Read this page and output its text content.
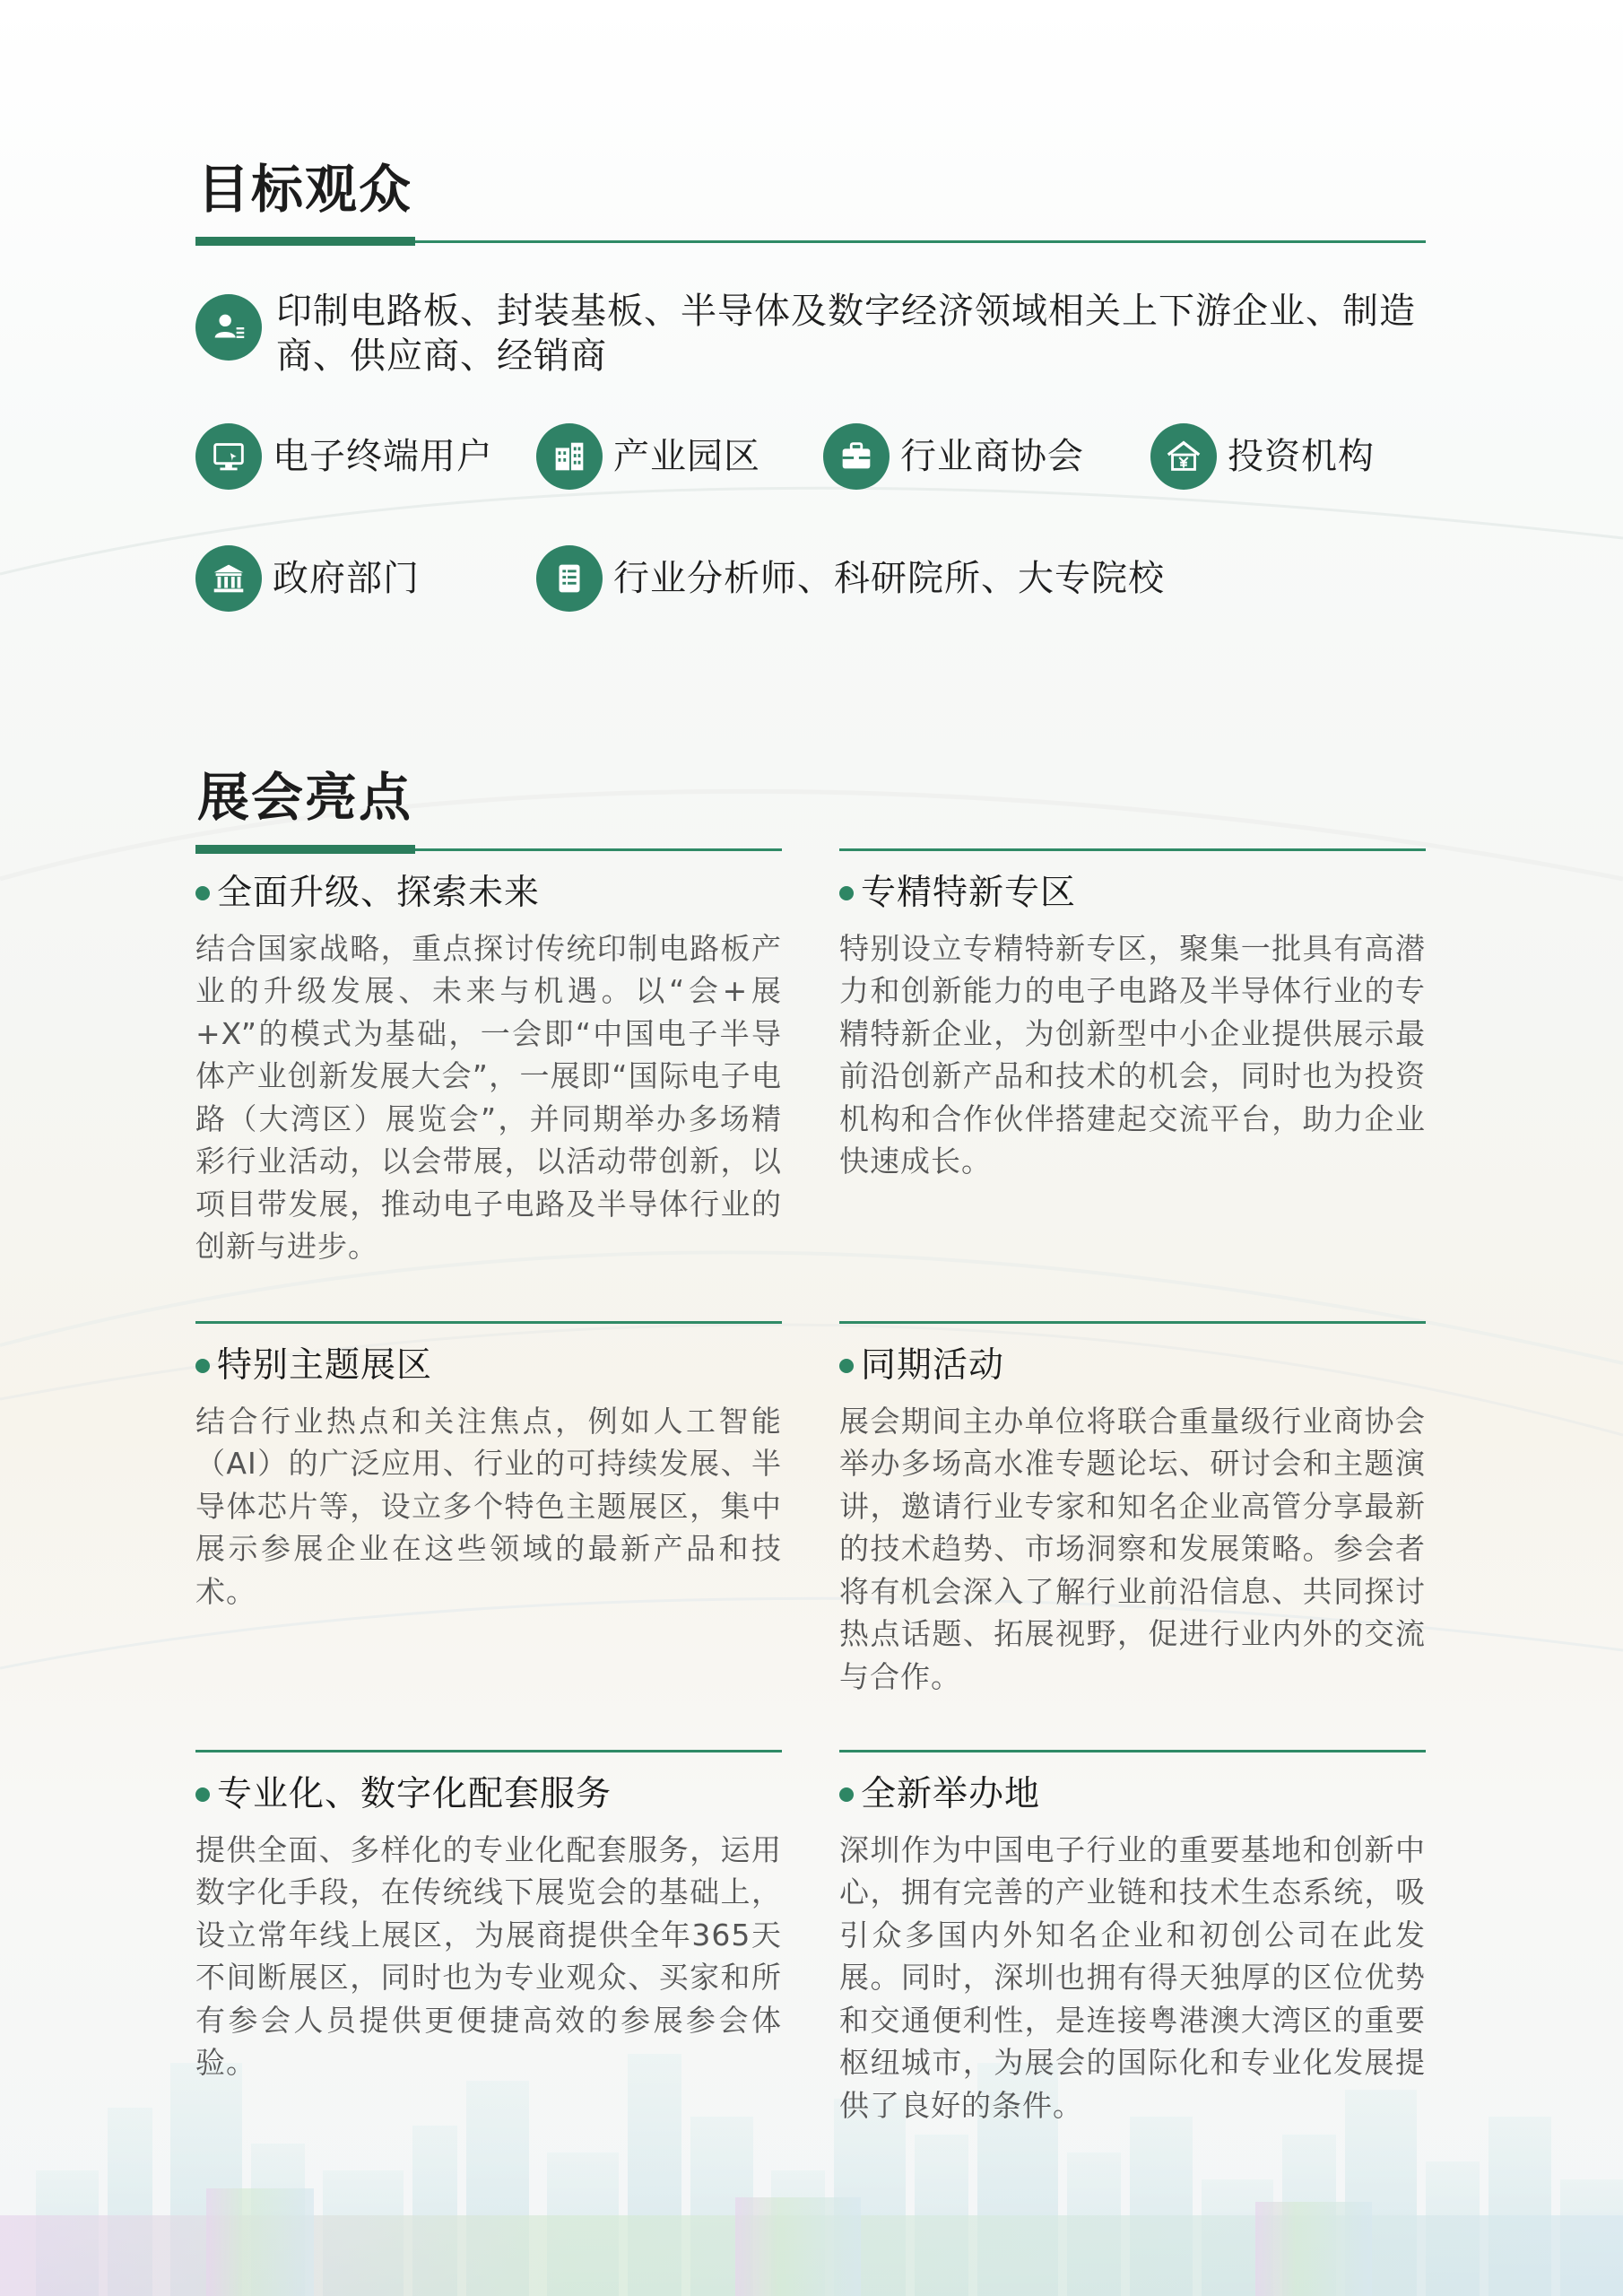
目标观众
印制电路板、封装基板、半导体及数字经济领域相关上下游企业、制造商、供应商、经销商
电子终端用户	产业园区	行业商协会	投资机构
政府部门	行业分析师、科研院所、大专院校
展会亮点
全面升级、探索未来

结合国家战略，重点探讨传统印制电路板产业的升级发展、未来与机遇。以“会+展+X”的模式为基础，一会即“中国电子半导体产业创新发展大会”，一展即“国际电子电路（大湾区）展览会”，并同期举办多场精彩行业活动，以会带展，以活动带创新，以项目带发展，推动电子电路及半导体行业的创新与进步。

专精特新专区

特别设立专精特新专区，聚集一批具有高潜力和创新能力的电子电路及半导体行业的专精特新企业，为创新型中小企业提供展示最前沿创新产品和技术的机会，同时也为投资机构和合作伙伴搭建起交流平台，助力企业快速成长。

特别主题展区

结合行业热点和关注焦点，例如人工智能（AI）的广泛应用、行业的可持续发展、半导体芯片等，设立多个特色主题展区，集中展示参展企业在这些领域的最新产品和技术。

同期活动

展会期间主办单位将联合重量级行业商协会举办多场高水准专题论坛、研讨会和主题演讲，邀请行业专家和知名企业高管分享最新的技术趋势、市场洞察和发展策略。参会者将有机会深入了解行业前沿信息、共同探讨热点话题、拓展视野，促进行业内外的交流与合作。

专业化、数字化配套服务

提供全面、多样化的专业化配套服务，运用数字化手段，在传统线下展览会的基础上，设立常年线上展区，为展商提供全年365天不间断展区，同时也为专业观众、买家和所有参会人员提供更便捷高效的参展参会体验。

全新举办地

深圳作为中国电子行业的重要基地和创新中心，拥有完善的产业链和技术生态系统，吸引众多国内外知名企业和初创公司在此发展。同时，深圳也拥有得天独厚的区位优势和交通便利性，是连接粤港澳大湾区的重要枢纽城市，为展会的国际化和专业化发展提供了良好的条件。
